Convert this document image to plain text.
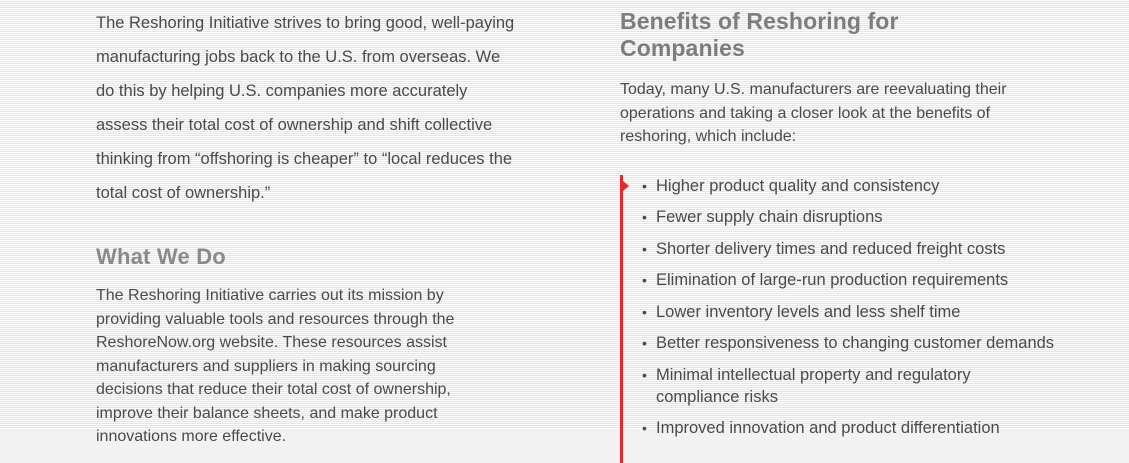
The Reshoring Initiative strives to bring good, well-paying manufacturing jobs back to the U.S. from overseas. We do this by helping U.S. companies more accurately assess their total cost of ownership and shift collective thinking from “offshoring is cheaper” to “local reduces the total cost of ownership.”

What We Do

The Reshoring Initiative carries out its mission by providing valuable tools and resources through the ReshoreNow.org website. These resources assist manufacturers and suppliers in making sourcing decisions that reduce their total cost of ownership, improve their balance sheets, and make product innovations more effective.

Benefits of Reshoring for Companies

Today, many U.S. manufacturers are reevaluating their operations and taking a closer look at the benefits of reshoring, which include:

• Higher product quality and consistency
• Fewer supply chain disruptions
• Shorter delivery times and reduced freight costs
• Elimination of large-run production requirements
• Lower inventory levels and less shelf time
• Better responsiveness to changing customer demands
• Minimal intellectual property and regulatory compliance risks
• Improved innovation and product differentiation
